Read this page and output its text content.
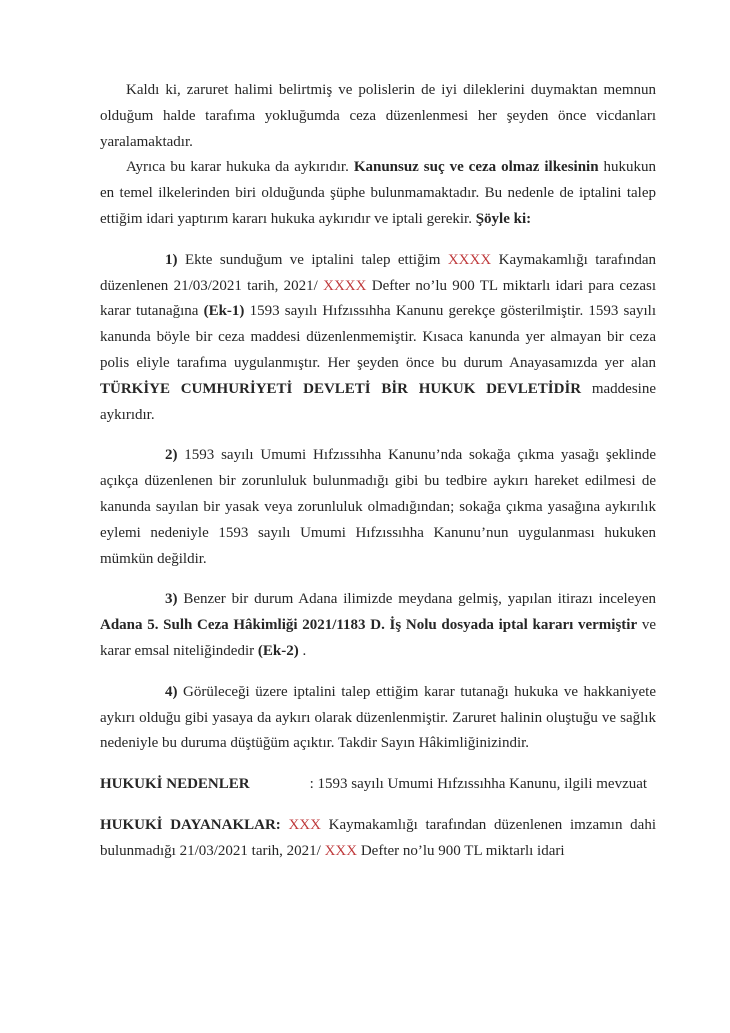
Kaldı ki, zaruret halimi belirtmiş ve polislerin de iyi dileklerini duymaktan memnun olduğum halde tarafıma yokluğumda ceza düzenlenmesi her şeyden önce vicdanları yaralamaktadır.

Ayrıca bu karar hukuka da aykırıdır. Kanunsuz suç ve ceza olmaz ilkesinin hukukun en temel ilkelerinden biri olduğunda şüphe bulunmamaktadır. Bu nedenle de iptalini talep ettiğim idari yaptırım kararı hukuka aykırıdır ve iptali gerekir. Şöyle ki:

1) Ekte sunduğum ve iptalini talep ettiğim XXXX Kaymakamlığı tarafından düzenlenen 21/03/2021 tarih, 2021/ XXXX Defter no’lu 900 TL miktarlı idari para cezası karar tutanağına (Ek-1) 1593 sayılı Hıfzıssıhha Kanunu gerekçe gösterilmiştir. 1593 sayılı kanunda böyle bir ceza maddesi düzenlenmemiştir. Kısaca kanunda yer almayan bir ceza polis eliyle tarafıma uygulanmıştır. Her şeyden önce bu durum Anayasamızda yer alan TÜRKİYE CUMHURİYETİ DEVLETİ BİR HUKUK DEVLETİDİR maddesine aykırıdır.

2) 1593 sayılı Umumi Hıfzıssıhha Kanunu’nda sokağa çıkma yasağı şeklinde açıkça düzenlenen bir zorunluluk bulunmadığı gibi bu tedbire aykırı hareket edilmesi de kanunda sayılan bir yasak veya zorunluluk olmadığından; sokağa çıkma yasağına aykırılık eylemi nedeniyle 1593 sayılı Umumi Hıfzıssıhha Kanunu’nun uygulanması hukuken mümkün değildir.

3) Benzer bir durum Adana ilimizde meydana gelmiş, yapılan itirazı inceleyen Adana 5. Sulh Ceza Hâkimliği 2021/1183 D. İş Nolu dosyada iptal kararı vermiştir ve karar emsal niteliğindedir (Ek-2) .

4) Görüleceği üzere iptalini talep ettiğim karar tutanağı hukuka ve hakkaniyete aykırı olduğu gibi yasaya da aykırı olarak düzenlenmiştir. Zaruret halinin oluştuğu ve sağlık nedeniyle bu duruma düştüğüm açıktır. Takdir Sayın Hâkimliğinizindir.

HUKUKİ NEDENLER	: 1593 sayılı Umumi Hıfzıssıhha Kanunu, ilgili mevzuat

HUKUKİ DAYANAKLAR: XXX Kaymakamlığı tarafından düzenlenen imzamın dahi bulunmadığı 21/03/2021 tarih, 2021/ XXX Defter no’lu 900 TL miktarlı idari
